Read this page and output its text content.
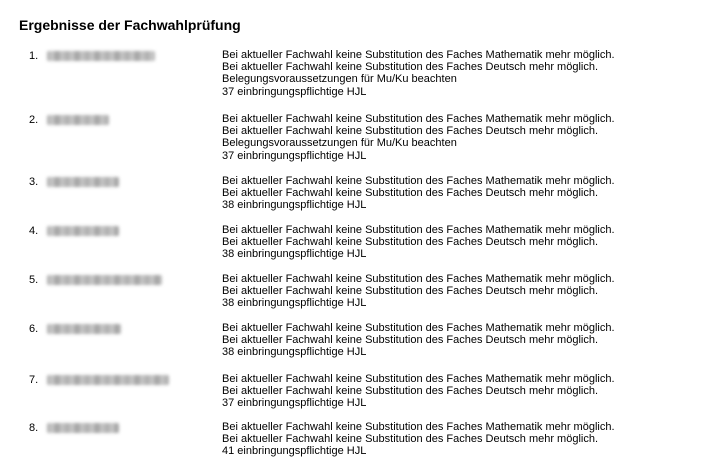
Ergebnisse der Fachwahlprüfung
1.	Bei aktueller Fachwahl keine Substitution des Faches Mathematik mehr möglich.
Bei aktueller Fachwahl keine Substitution des Faches Deutsch mehr möglich.
Belegungsvoraussetzungen für Mu/Ku beachten
37 einbringungspflichtige HJL
2.	Bei aktueller Fachwahl keine Substitution des Faches Mathematik mehr möglich.
Bei aktueller Fachwahl keine Substitution des Faches Deutsch mehr möglich.
Belegungsvoraussetzungen für Mu/Ku beachten
37 einbringungspflichtige HJL
3.	Bei aktueller Fachwahl keine Substitution des Faches Mathematik mehr möglich.
Bei aktueller Fachwahl keine Substitution des Faches Deutsch mehr möglich.
38 einbringungspflichtige HJL
4.	Bei aktueller Fachwahl keine Substitution des Faches Mathematik mehr möglich.
Bei aktueller Fachwahl keine Substitution des Faches Deutsch mehr möglich.
38 einbringungspflichtige HJL
5.	Bei aktueller Fachwahl keine Substitution des Faches Mathematik mehr möglich.
Bei aktueller Fachwahl keine Substitution des Faches Deutsch mehr möglich.
38 einbringungspflichtige HJL
6.	Bei aktueller Fachwahl keine Substitution des Faches Mathematik mehr möglich.
Bei aktueller Fachwahl keine Substitution des Faches Deutsch mehr möglich.
38 einbringungspflichtige HJL
7.	Bei aktueller Fachwahl keine Substitution des Faches Mathematik mehr möglich.
Bei aktueller Fachwahl keine Substitution des Faches Deutsch mehr möglich.
37 einbringungspflichtige HJL
8.	Bei aktueller Fachwahl keine Substitution des Faches Mathematik mehr möglich.
Bei aktueller Fachwahl keine Substitution des Faches Deutsch mehr möglich.
41 einbringungspflichtige HJL
